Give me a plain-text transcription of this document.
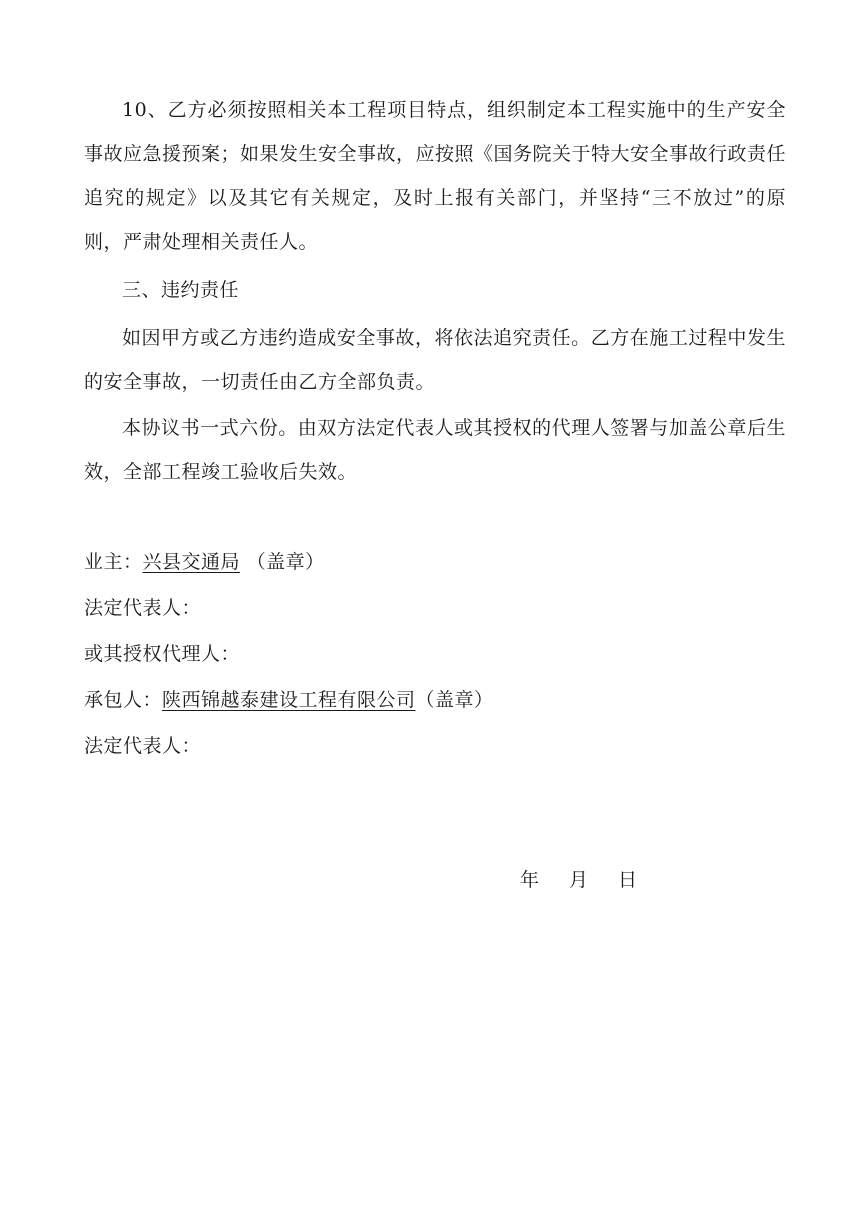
10、乙方必须按照相关本工程项目特点，组织制定本工程实施中的生产安全事故应急援预案；如果发生安全事故，应按照《国务院关于特大安全事故行政责任追究的规定》以及其它有关规定，及时上报有关部门，并坚持“三不放过”的原则，严肃处理相关责任人。

三、违约责任

如因甲方或乙方违约造成安全事故，将依法追究责任。乙方在施工过程中发生的安全事故，一切责任由乙方全部负责。

本协议书一式六份。由双方法定代表人或其授权的代理人签署与加盖公章后生效，全部工程竣工验收后失效。

业主：兴县交通局 （盖章）
法定代表人：
或其授权代理人：
承包人：陕西锦越泰建设工程有限公司（盖章）
法定代表人：
年 月 日
